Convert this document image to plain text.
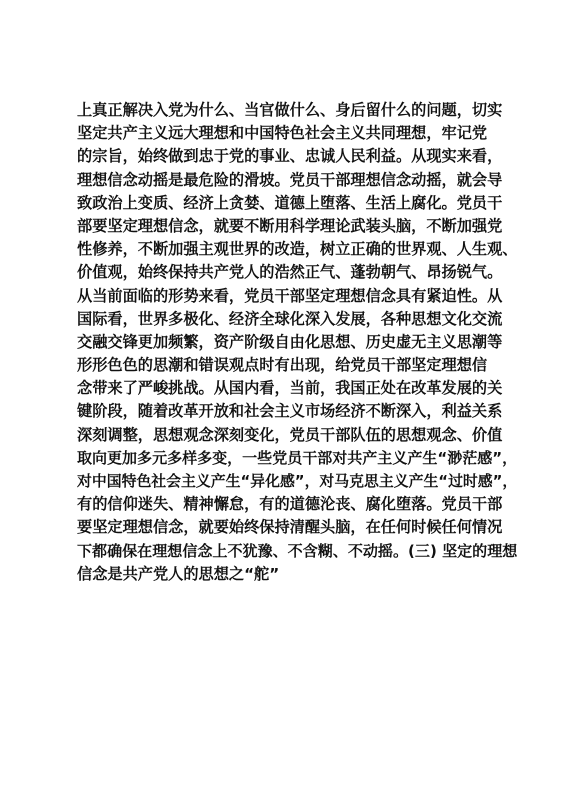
上真正解决入党为什么、当官做什么、身后留什么的问题，切实
坚定共产主义远大理想和中国特色社会主义共同理想，牢记党
的宗旨，始终做到忠于党的事业、忠诚人民利益。从现实来看，
理想信念动摇是最危险的滑坡。党员干部理想信念动摇，就会导
致政治上变质、经济上贪婪、道德上堕落、生活上腐化。党员干
部要坚定理想信念，就要不断用科学理论武装头脑，不断加强党
性修养，不断加强主观世界的改造，树立正确的世界观、人生观、
价值观，始终保持共产党人的浩然正气、蓬勃朝气、昂扬锐气。
从当前面临的形势来看，党员干部坚定理想信念具有紧迫性。从
国际看，世界多极化、经济全球化深入发展，各种思想文化交流
交融交锋更加频繁，资产阶级自由化思想、历史虚无主义思潮等
形形色色的思潮和错误观点时有出现，给党员干部坚定理想信
念带来了严峻挑战。从国内看，当前，我国正处在改革发展的关
键阶段，随着改革开放和社会主义市场经济不断深入，利益关系
深刻调整，思想观念深刻变化，党员干部队伍的思想观念、价值
取向更加多元多样多变，一些党员干部对共产主义产生“渺茫感”，
对中国特色社会主义产生“异化感”，对马克思主义产生“过时感”，
有的信仰迷失、精神懈怠，有的道德沦丧、腐化堕落。党员干部
要坚定理想信念，就要始终保持清醒头脑，在任何时候任何情况
下都确保在理想信念上不犹豫、不含糊、不动摇。(三) 坚定的理想
信念是共产党人的思想之“舵”
